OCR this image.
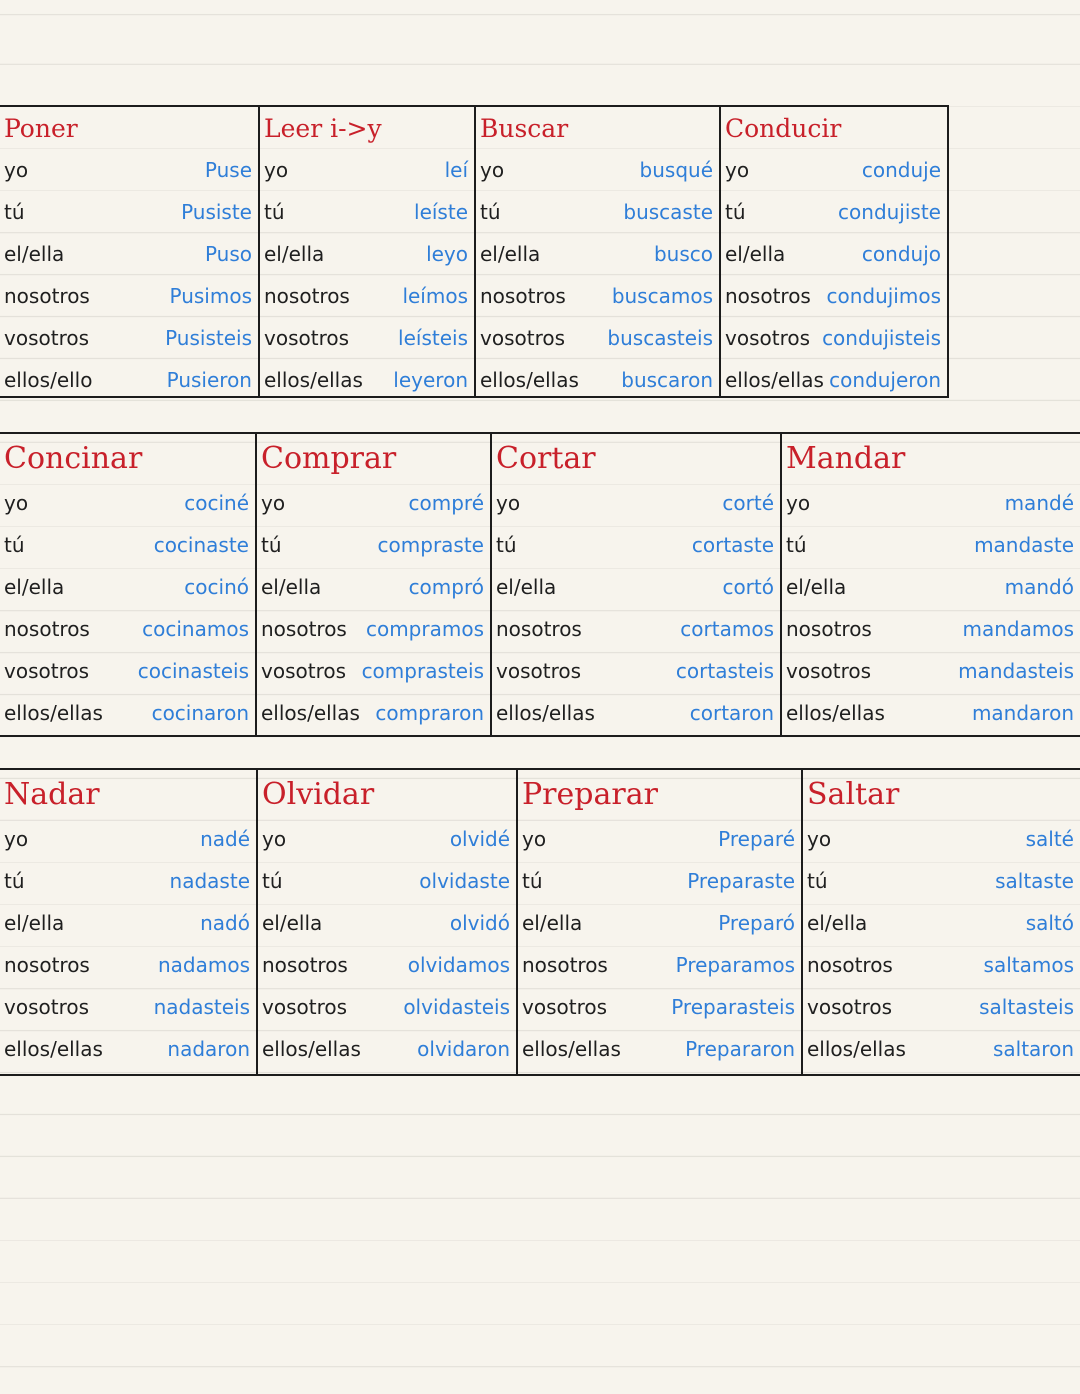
Poner
yo	Puse
tú	Pusiste
el/ella	Puso
nosotros	Pusimos
vosotros	Pusisteis
ellos/ello	Pusieron
Leer i->y
yo	leí
tú	leíste
el/ella	leyo
nosotros	leímos
vosotros leísteis
ellos/ellas leyeron
Buscar
yo	busqué
tú	buscaste
el/ella	busco
nosotros buscamos
vosotros buscasteis
ellos/ellas buscaron
Conducir
yo	conduje
tú	condujiste
el/ella	condujo
nosotros condujimos
vosotros condujisteis
ellos/ellas condujeron
Concinar
yo	cociné
tú	cocinaste
el/ella	cocinó
nosotros	cocinamos
vosotros cocinasteis
ellos/ellas cocinaron
Comprar
yo	compré
tú	compraste
el/ella	compró
nosotros compramos
vosotros comprasteis
ellos/ellas compraron
Cortar
yo	corté
tú	cortaste
el/ella	cortó
nosotros	cortamos
vosotros	cortasteis
ellos/ellas	cortaron
Mandar
yo	mandé
tú	mandaste
el/ella	mandó
nosotros	mandamos
vosotros	mandasteis
ellos/ellas	mandaron
Nadar
yo	nadé
tú	nadaste
el/ella	nadó
nosotros	nadamos
vosotros	nadasteis
ellos/ellas	nadaron
Olvidar
yo	olvidé
tú	olvidaste
el/ella	olvidó
nosotros	olvidamos
vosotros	olvidasteis
ellos/ellas	olvidaron
Preparar
yo	Preparé
tú	Preparaste
el/ella	Preparó
nosotros	Preparamos
vosotros	Preparasteis
ellos/ellas	Prepararon
Saltar
yo	salté
tú	saltaste
el/ella	saltó
nosotros	saltamos
vosotros	saltasteis
ellos/ellas	saltaron
